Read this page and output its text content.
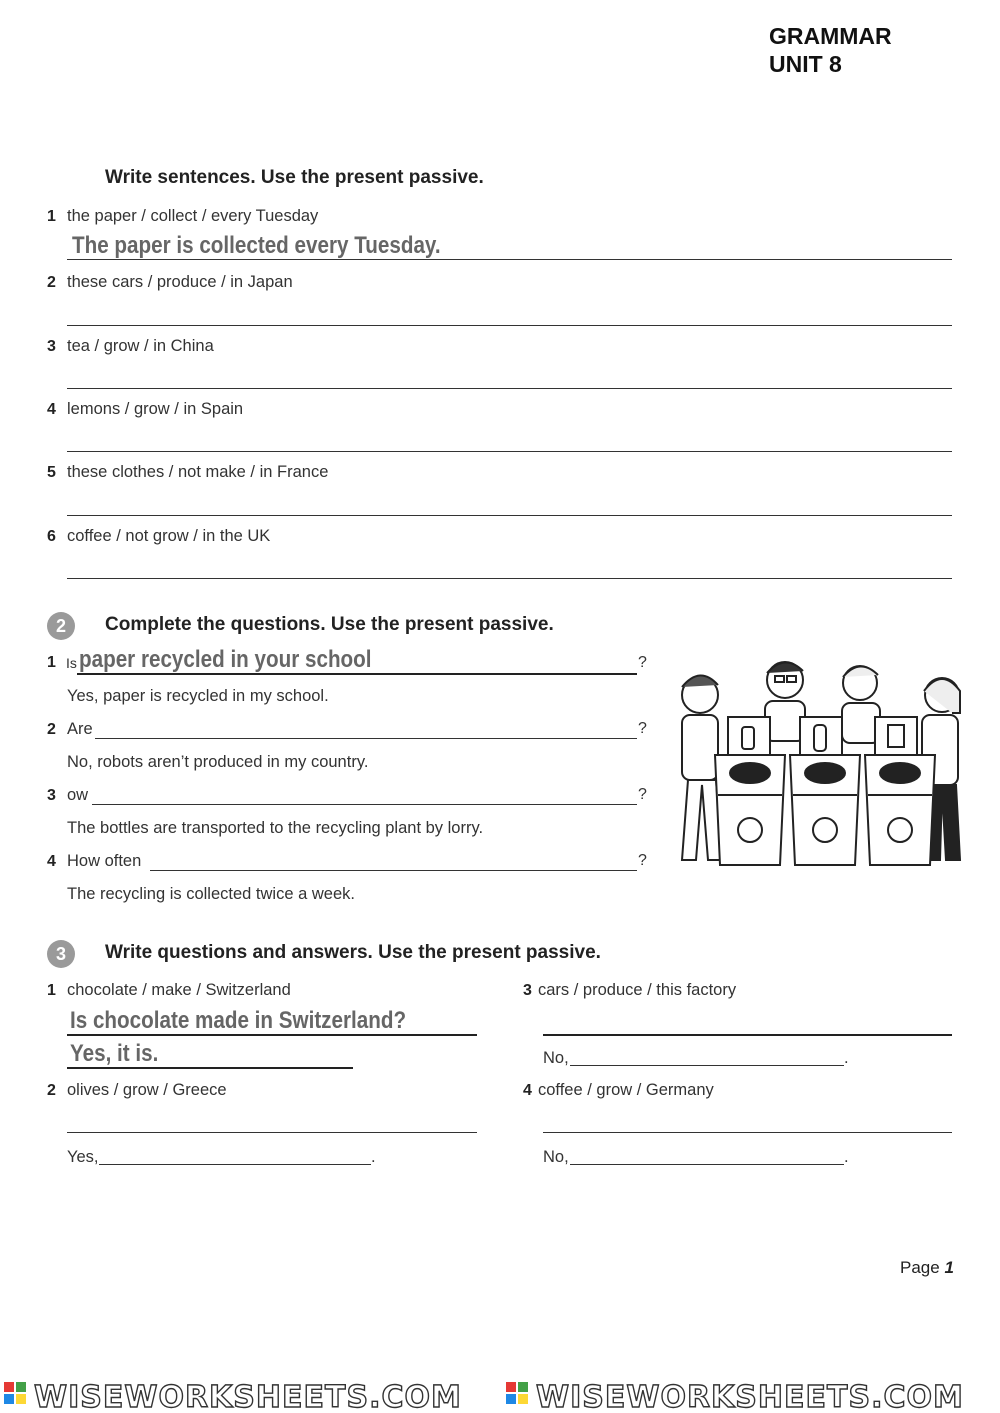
GRAMMAR
UNIT 8
Write sentences. Use the present passive.
1 the paper / collect / every Tuesday
The paper is collected every Tuesday.
2 these cars / produce / in Japan
3 tea / grow / in China
4 lemons / grow / in Spain
5 these clothes / not make / in France
6 coffee / not grow / in the UK
2	Complete the questions. Use the present passive.
1 Is paper recycled in your school	?
Yes, paper is recycled in my school.
2 Are	?
No, robots aren’t produced in my country.
3 ow	?
The bottles are transported to the recycling plant by lorry.
4 How often	?
The recycling is collected twice a week.
3	Write questions and answers. Use the present passive.
1 chocolate / make / Switzerland
Is chocolate made in Switzerland?
Yes, it is.
2 olives / grow / Greece
Yes,	.
3 cars / produce / this factory
No,	.
4 coffee / grow / Germany
No,	.
Page 1
WISEWORKSHEETS.COM WISEWORKSHEETS.COM
